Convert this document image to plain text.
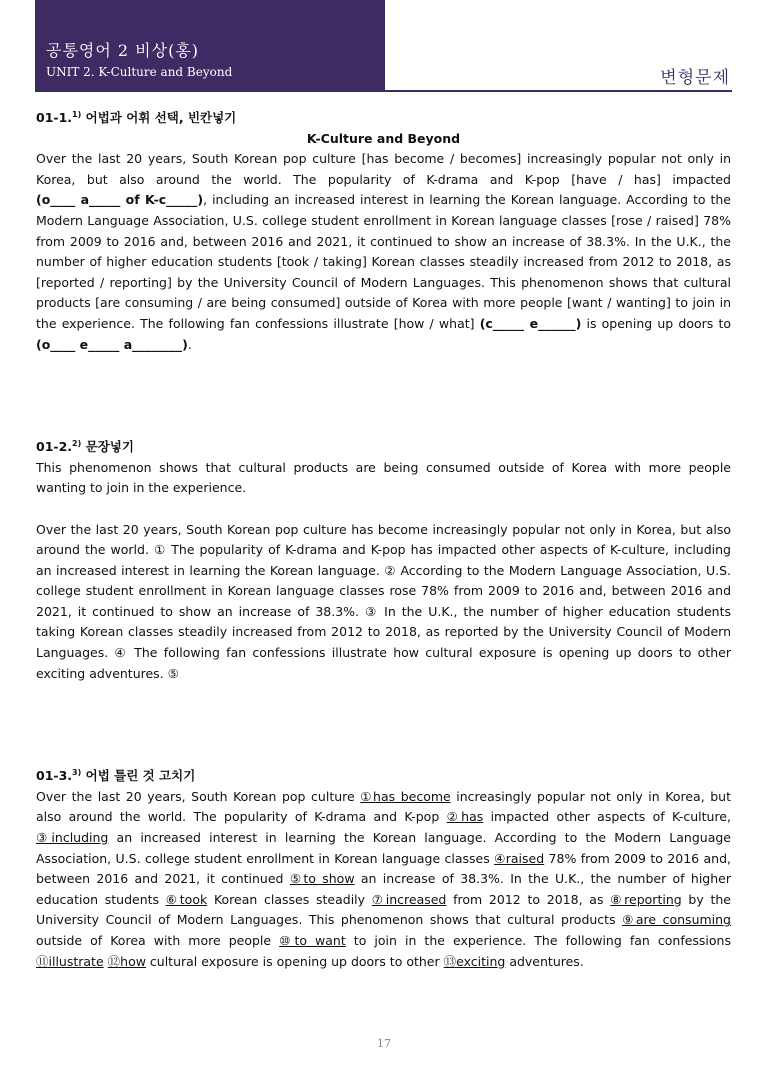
공통영어 2 비상(홍)
UNIT 2. K-Culture and Beyond	변형문제
01-1.$^{1)}$ 어법과 어휘 선택, 빈칸넣기
K-Culture and Beyond

Over the last 20 years, South Korean pop culture [has become / becomes] increasingly popular not only in Korea, but also around the world. The popularity of K-drama and K-pop [have / has] impacted (o____ a_____ of K-c_____), including an increased interest in learning the Korean language. According to the Modern Language Association, U.S. college student enrollment in Korean language classes [rose / raised] 78% from 2009 to 2016 and, between 2016 and 2021, it continued to show an increase of 38.3%. In the U.K., the number of higher education students [took / taking] Korean classes steadily increased from 2012 to 2018, as [reported / reporting] by the University Council of Modern Languages. This phenomenon shows that cultural products [are consuming / are being consumed] outside of Korea with more people [want / wanting] to join in the experience. The following fan confessions illustrate [how / what] (c_____ e______) is opening up doors to (o____ e_____ a________).

01-2.$^{2)}$ 문장넣기

This phenomenon shows that cultural products are being consumed outside of Korea with more people wanting to join in the experience.

Over the last 20 years, South Korean pop culture has become increasingly popular not only in Korea, but also around the world. ① The popularity of K-drama and K-pop has impacted other aspects of K-culture, including an increased interest in learning the Korean language. ② According to the Modern Language Association, U.S. college student enrollment in Korean language classes rose 78% from 2009 to 2016 and, between 2016 and 2021, it continued to show an increase of 38.3%. ③ In the U.K., the number of higher education students taking Korean classes steadily increased from 2012 to 2018, as reported by the University Council of Modern Languages. ④ The following fan confessions illustrate how cultural exposure is opening up doors to other exciting adventures. ⑤

01-3.$^{3)}$ 어법 틀린 것 고치기

Over the last 20 years, South Korean pop culture ①has become increasingly popular not only in Korea, but also around the world. The popularity of K-drama and K-pop ②has impacted other aspects of K-culture, ③including an increased interest in learning the Korean language. According to the Modern Language Association, U.S. college student enrollment in Korean language classes ④raised 78% from 2009 to 2016 and, between 2016 and 2021, it continued ⑤to show an increase of 38.3%. In the U.K., the number of higher education students ⑥took Korean classes steadily ⑦increased from 2012 to 2018, as ⑧reporting by the University Council of Modern Languages. This phenomenon shows that cultural products ⑨are consuming outside of Korea with more people ⑩to want to join in the experience. The following fan confessions ⑪illustrate ⑫how cultural exposure is opening up doors to other ⑬exciting adventures.

17
